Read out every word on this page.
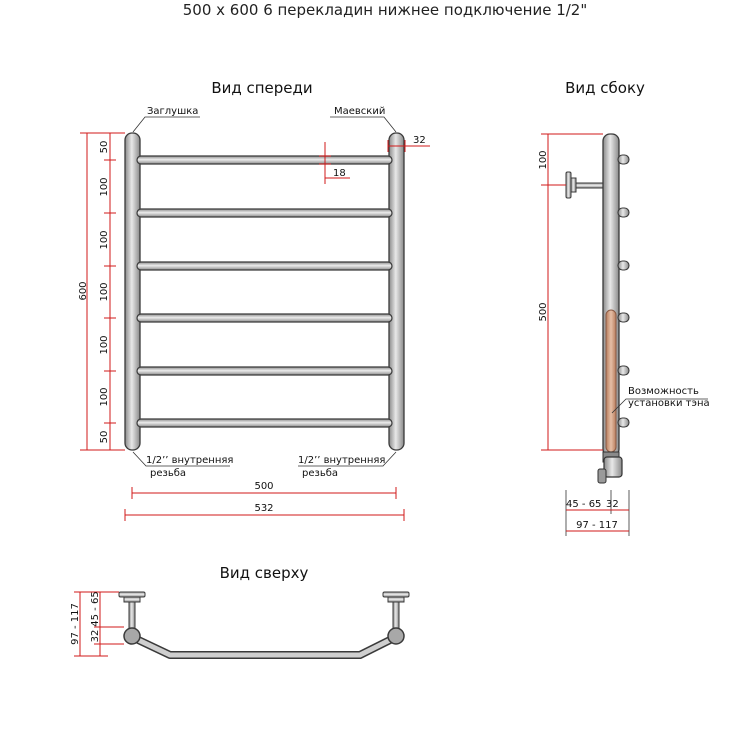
500 х 600 6 перекладин нижнее подключение 1/2"
Вид спереди
Заглушка	Маевский
32
18
600
50
100
100
100
100
100
50
1/2’’ внутренняя
резьба
1/2’’ внутренняя
резьба
500
532
Вид сбоку
Возможность
установки тэна
100
500
45 - 65 32
97 - 117
Вид сверху
97 - 117 45 - 65
32
